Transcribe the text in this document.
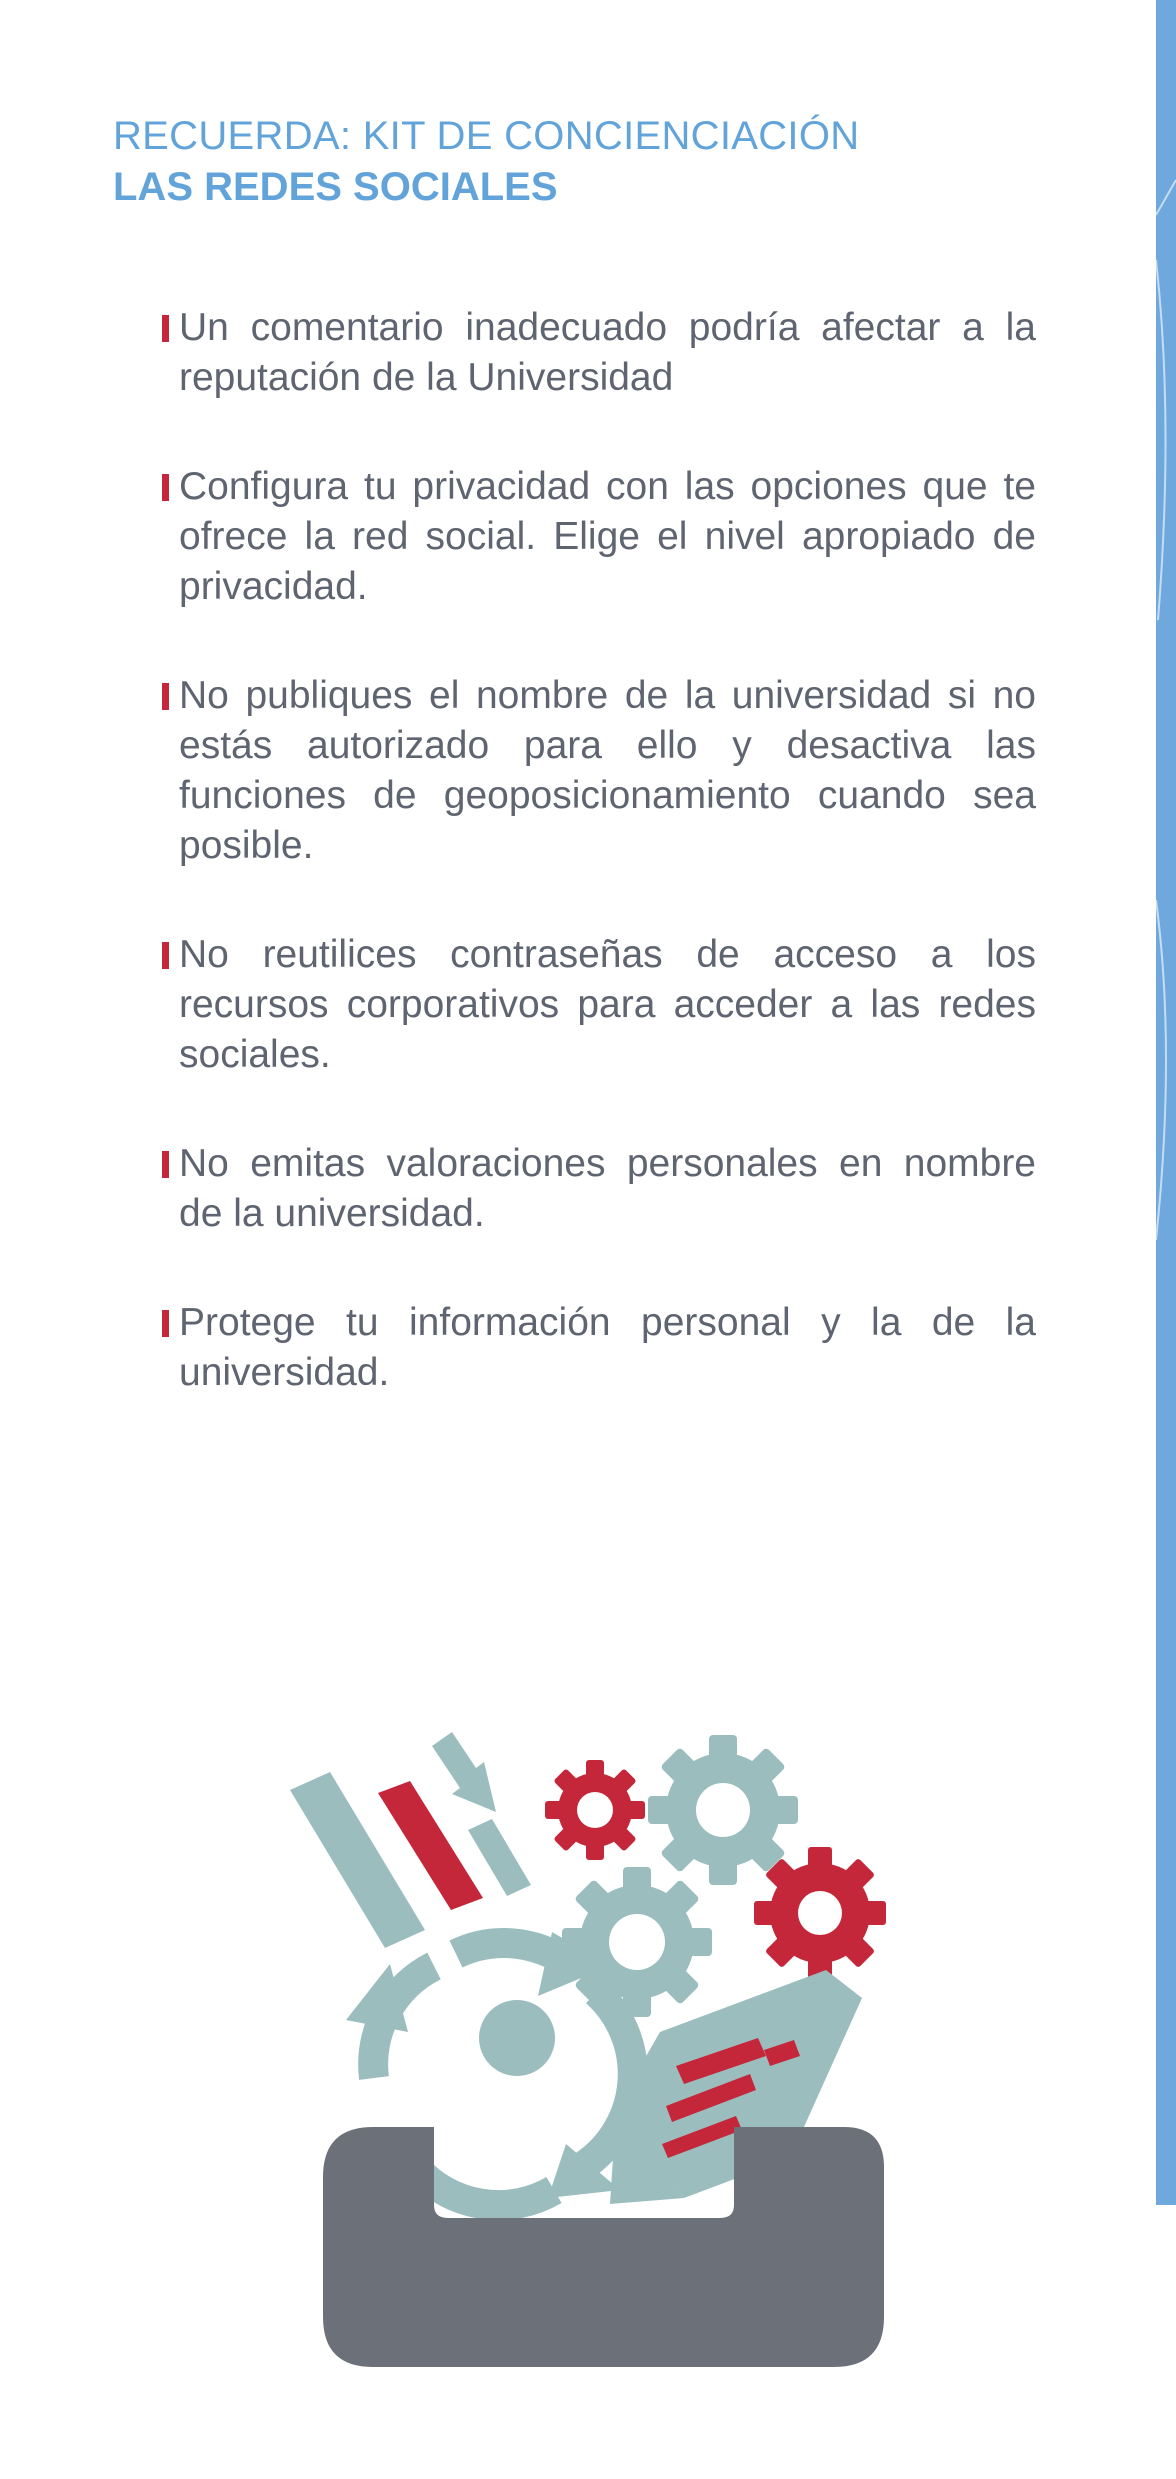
RECUERDA: KIT DE CONCIENCIACIÓN
LAS REDES SOCIALES
Un comentario inadecuado podría afectar a la reputación de la Universidad
Configura tu privacidad con las opciones que te ofrece la red social. Elige el nivel apropiado de privacidad.
No publiques el nombre de la universidad si no estás autorizado para ello y desactiva las funciones de geoposicionamiento cuando sea posible.
No reutilices contraseñas de acceso a los recursos corporativos para acceder a las redes sociales.
No emitas valoraciones personales en nombre de la universidad.
Protege tu información personal y la de la universidad.
